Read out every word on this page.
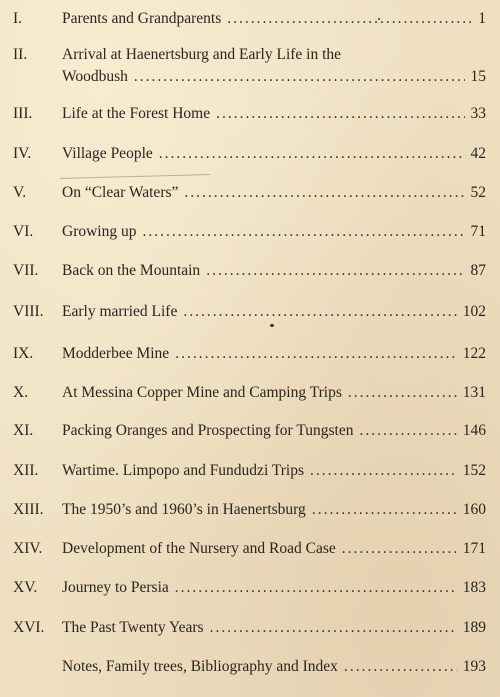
I.	Parents and Grandparents .....	1
II. Arrival at Haenertsburg and Early Life in the
Woodbush .....	15
III. Life at the Forest Home .....	33
IV. Village People .....	42
V. On “Clear Waters” .....	52
VI. Growing up .....	71
VII. Back on the Mountain .....	87
VIII. Early married Life .....	102
IX. Modderbee Mine .....	122
X. At Messina Copper Mine and Camping Trips .....	131
XI. Packing Oranges and Prospecting for Tungsten .....	146
XII. Wartime. Limpopo and Fundudzi Trips .....	152
XIII. The 1950’s and 1960’s in Haenertsburg .....	160
XIV. Development of the Nursery and Road Case .....	171
XV. Journey to Persia .....	183
XVI. The Past Twenty Years .....	189
Notes, Family trees, Bibliography and Index .....	193
